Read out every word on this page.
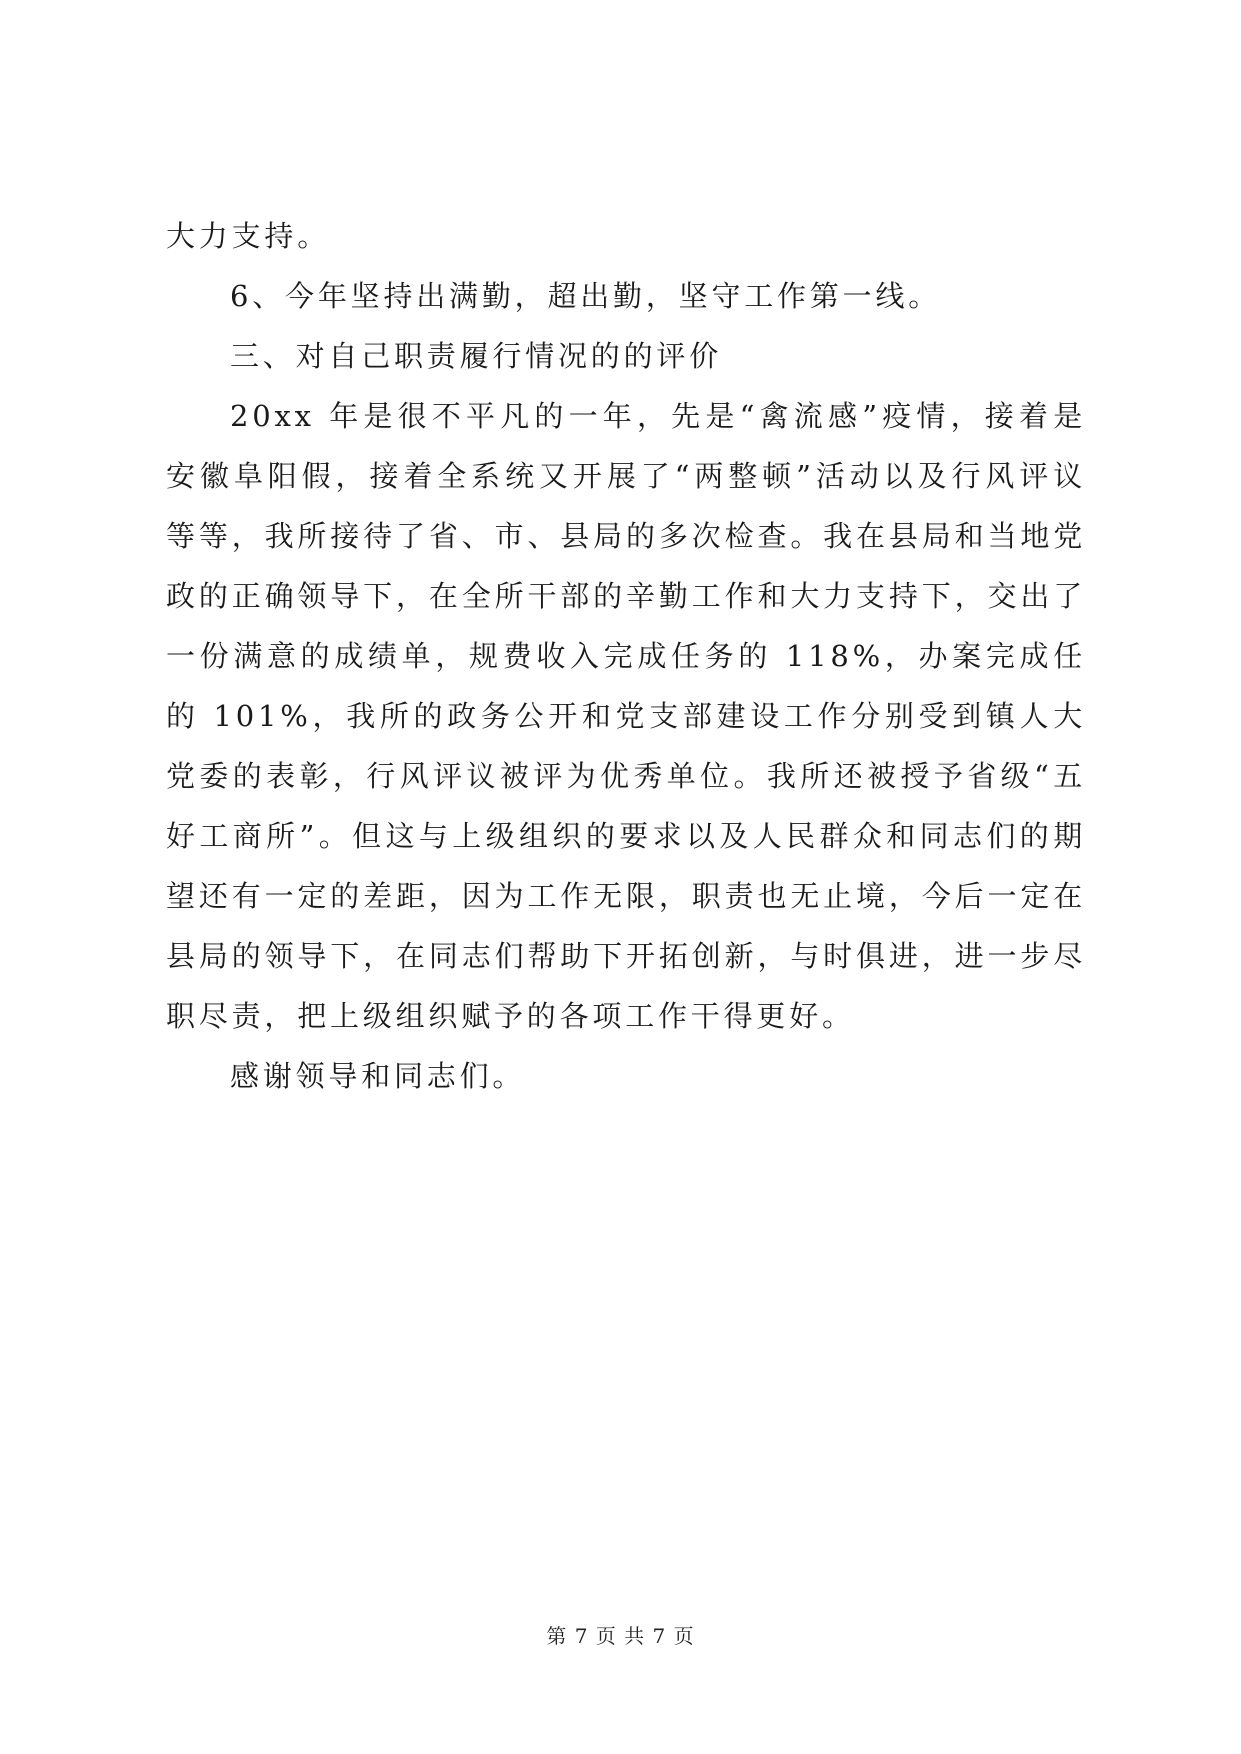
大力支持。
6、今年坚持出满勤，超出勤，坚守工作第一线。
三、对自己职责履行情况的的评价
20xx 年是很不平凡的一年，先是“禽流感”疫情，接着是
安徽阜阳假，接着全系统又开展了“两整顿”活动以及行风评议
等等，我所接待了省、市、县局的多次检查。我在县局和当地党
政的正确领导下，在全所干部的辛勤工作和大力支持下，交出了
一份满意的成绩单，规费收入完成任务的 118%，办案完成任
的 101%，我所的政务公开和党支部建设工作分别受到镇人大
党委的表彰，行风评议被评为优秀单位。我所还被授予省级“五
好工商所”。但这与上级组织的要求以及人民群众和同志们的期
望还有一定的差距，因为工作无限，职责也无止境，今后一定在
县局的领导下，在同志们帮助下开拓创新，与时俱进，进一步尽
职尽责，把上级组织赋予的各项工作干得更好。
感谢领导和同志们。
第 7 页 共 7 页
